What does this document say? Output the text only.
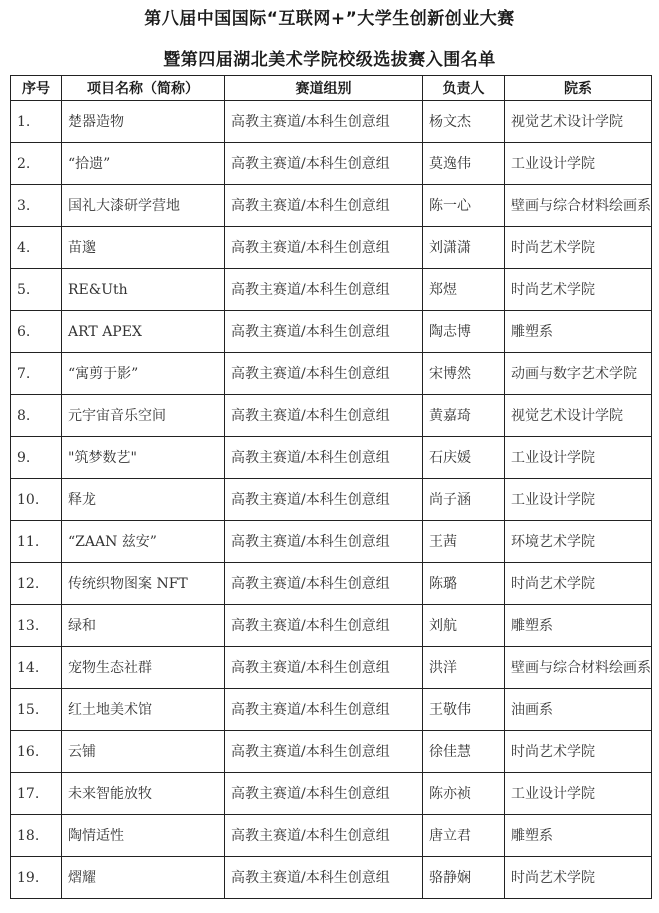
第八届中国国际“互联网+”大学生创新创业大赛
暨第四届湖北美术学院校级选拔赛入围名单
序号	项目名称（简称）	赛道组别	负责人	院系
1.	楚器造物	高教主赛道/本科生创意组	杨文杰	视觉艺术设计学院
2.	“拾遗”	高教主赛道/本科生创意组	莫逸伟	工业设计学院
3.	国礼大漆研学营地	高教主赛道/本科生创意组	陈一心	壁画与综合材料绘画系
4.	苗邈	高教主赛道/本科生创意组	刘潇潇	时尚艺术学院
5.	RE&Uth	高教主赛道/本科生创意组	郑煜	时尚艺术学院
6.	ART APEX	高教主赛道/本科生创意组	陶志博	雕塑系
7.	“寓剪于影”	高教主赛道/本科生创意组	宋博然	动画与数字艺术学院
8.	元宇宙音乐空间	高教主赛道/本科生创意组	黄嘉琦	视觉艺术设计学院
9.	"筑梦数艺"	高教主赛道/本科生创意组	石庆媛	工业设计学院
10.	释龙	高教主赛道/本科生创意组	尚子涵	工业设计学院
11.	“ZAAN 兹安”	高教主赛道/本科生创意组	王茜	环境艺术学院
12.	传统织物图案 NFT	高教主赛道/本科生创意组	陈璐	时尚艺术学院
13.	绿和	高教主赛道/本科生创意组	刘航	雕塑系
14.	宠物生态社群	高教主赛道/本科生创意组	洪洋	壁画与综合材料绘画系
15.	红土地美术馆	高教主赛道/本科生创意组	王敬伟	油画系
16.	云铺	高教主赛道/本科生创意组	徐佳慧	时尚艺术学院
17.	未来智能放牧	高教主赛道/本科生创意组	陈亦祯	工业设计学院
18.	陶情适性	高教主赛道/本科生创意组	唐立君	雕塑系
19.	熠耀	高教主赛道/本科生创意组	骆静娴	时尚艺术学院
